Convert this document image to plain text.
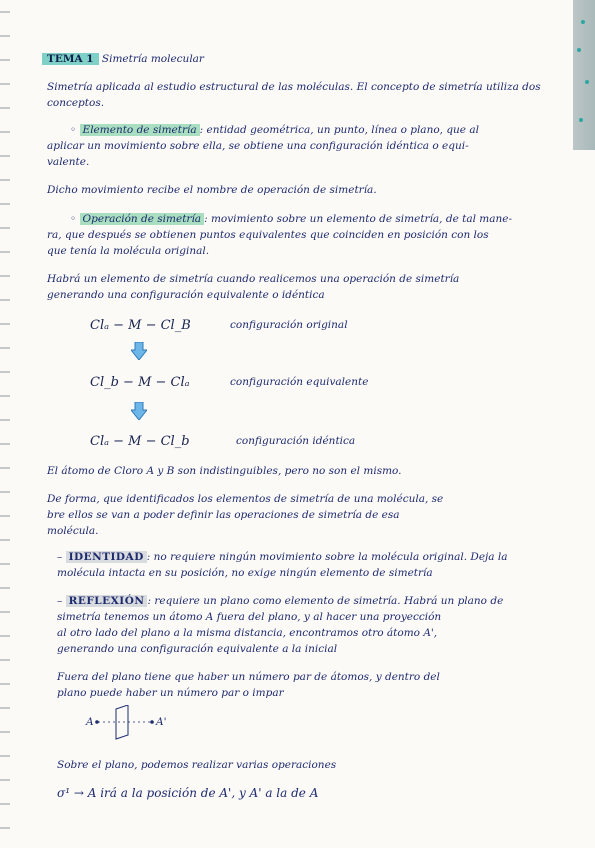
TEMA 1 Simetría molecular
Simetría aplicada al estudio estructural de las moléculas. El concepto de simetría utiliza dos conceptos.
◦ Elemento de simetría : entidad geométrica, un punto, línea o plano, que al
aplicar un movimiento sobre ella, se obtiene una configuración idéntica o equi-
valente.
Dicho movimiento recibe el nombre de operación de simetría.
◦ Operación de simetría : movimiento sobre un elemento de simetría, de tal mane-
ra, que después se obtienen puntos equivalentes que coinciden en posición con los
que tenía la molécula original.
Habrá un elemento de simetría cuando realicemos una operación de simetría
generando una configuración equivalente o idéntica
Clₐ − M − Cl_B	configuración original
Cl_b − M − Clₐ	configuración equivalente
Clₐ − M − Cl_b	configuración idéntica
El átomo de Cloro A y B son indistinguibles, pero no son el mismo.
De forma, que identificados los elementos de simetría de una molécula, se
bre ellos se van a poder definir las operaciones de simetría de esa
molécula.
– IDENTIDAD : no requiere ningún movimiento sobre la molécula original. Deja la
molécula intacta en su posición, no exige ningún elemento de simetría
– REFLEXIÓN : requiere un plano como elemento de simetría. Habrá un plano de
simetría tenemos un átomo A fuera del plano, y al hacer una proyección
al otro lado del plano a la misma distancia, encontramos otro átomo A',
generando una configuración equivalente a la inicial
Fuera del plano tiene que haber un número par de átomos, y dentro del
plano puede haber un número par o impar
A	A'
Sobre el plano, podemos realizar varias operaciones
σ¹ → A irá a la posición de A', y A' a la de A
